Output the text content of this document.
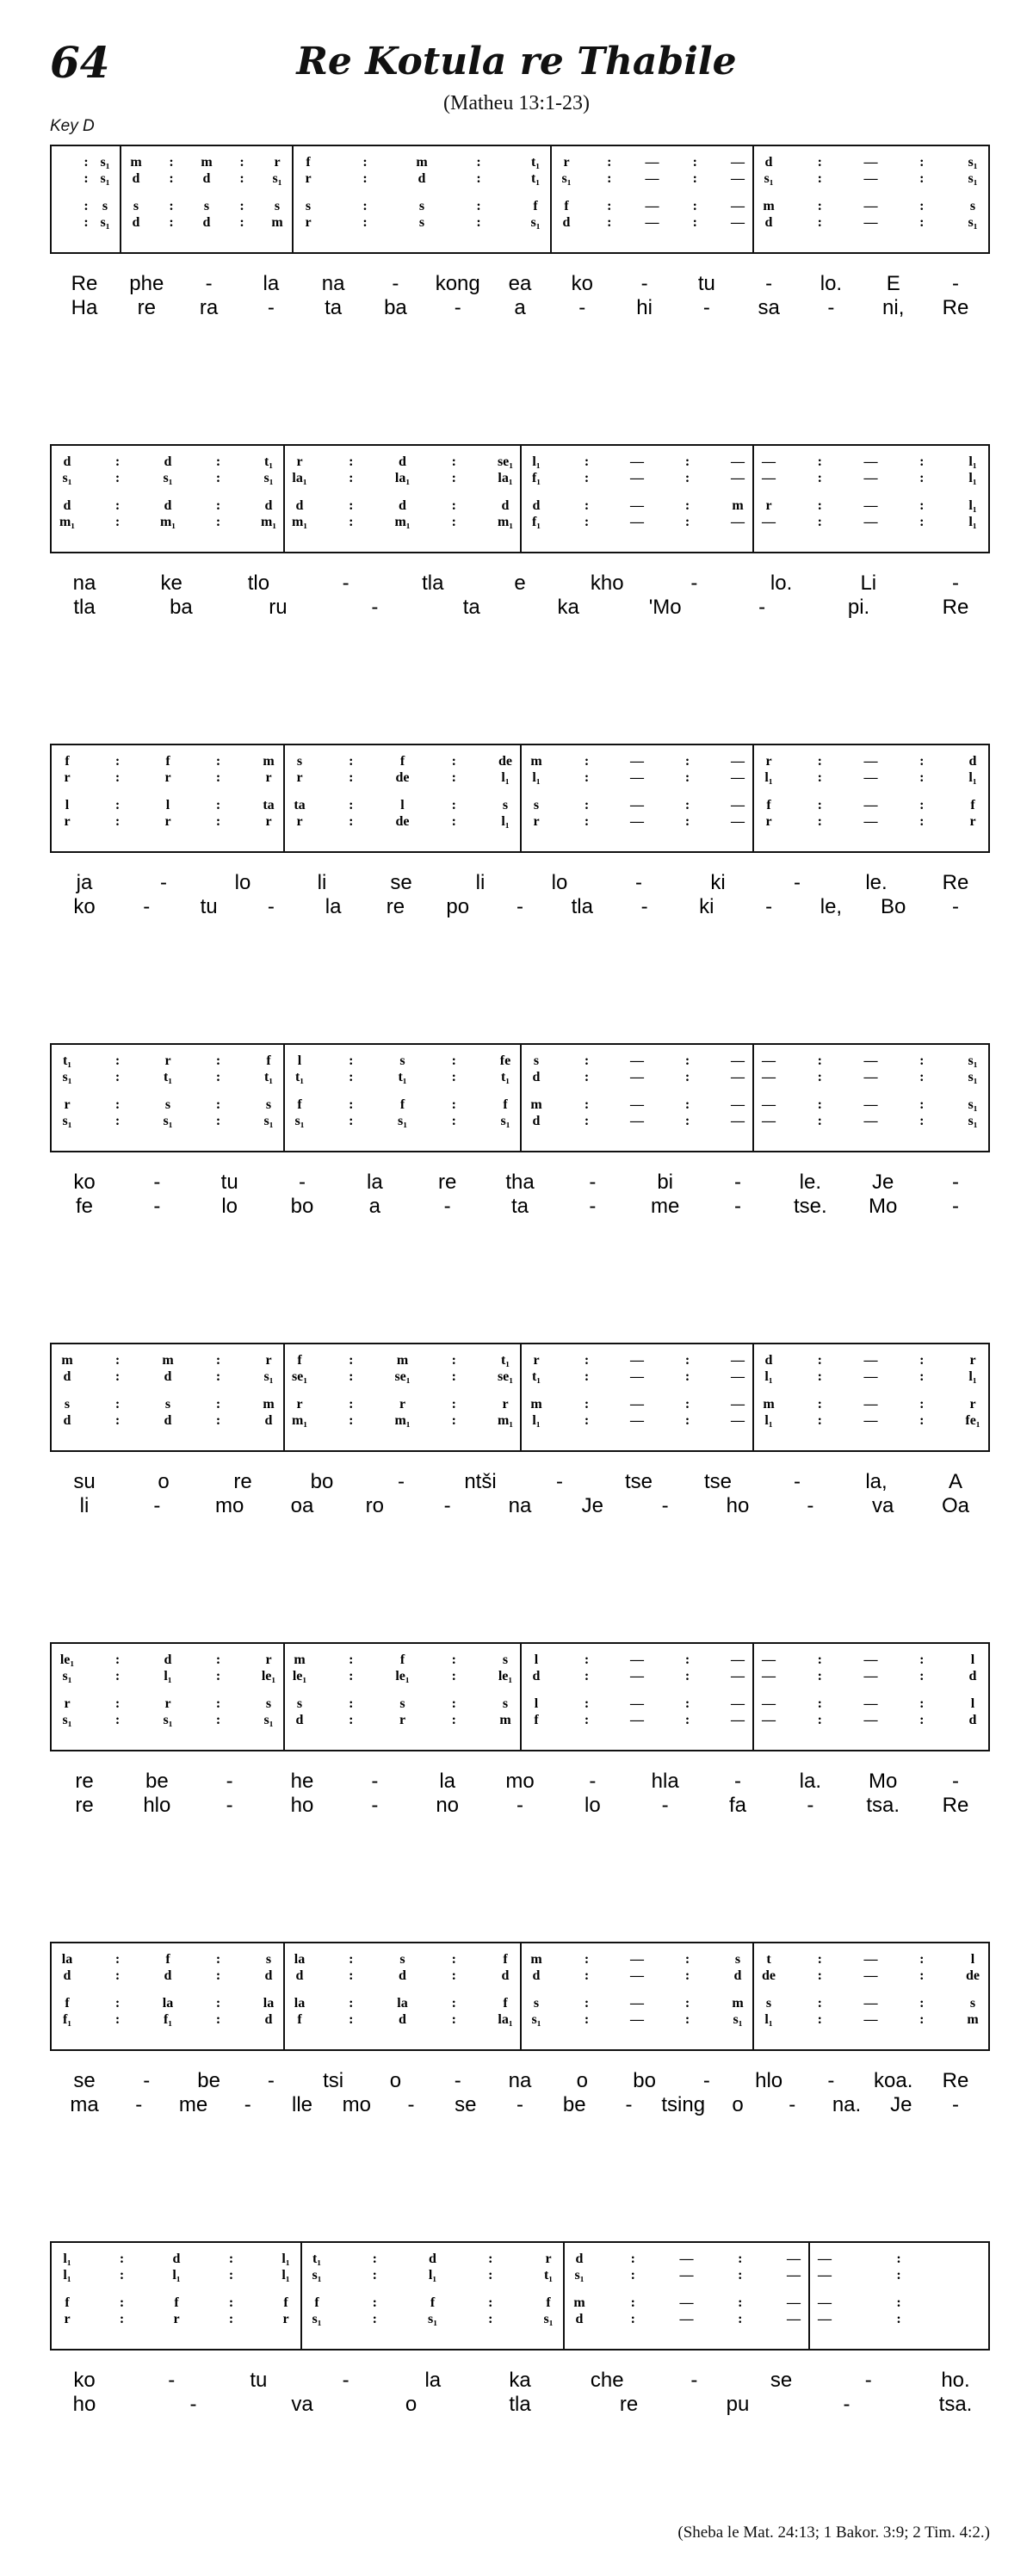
64	Re Kotula re Thabile
(Matheu 13:1-23)
Key D
: s₁ m : m : r f	:	m	:	t₁ r	: — : — d	:	—	:	s₁
: s₁ d : d : s₁ r	:	d	:	t₁ s₁	: — : — s₁	:	—	:	s₁
: s s : s : s s	:	s	:	f f	: — : — m	:	—	:	s
: s₁ d : d : m r	:	s	:	s₁ d	: — : — d	:	—	:	s₁
Re phe - la na - kong ea ko - tu - lo. E	-
Ha re ra - ta ba -	a	- hi - sa - ni, Re
d	:	d	:	t₁ r	:	d	:	se₁ l₁	:	—	:	— —	:	—	:	l₁
s₁	:	s₁	:	s₁ la₁	:	la₁	:	la₁ f₁	:	—	:	— —	:	—	:	l₁
d	:	d	:	d d	:	d	:	d d	:	—	:	m r	:	—	:	l₁
m₁	:	m₁	:	m₁ m₁	:	m₁	:	m₁ f₁	:	—	:	— —	:	—	:	l₁
na	ke	tlo	-	tla	e	kho	-	lo.	Li	-
tla	ba	ru	-	ta	ka	'Mo	-	pi.	Re
f	:	f	:	m s	:	f	:	de m	:	—	:	— r	:	—	:	d
r	:	r	:	r r	:	de	:	l₁ l₁	:	—	:	— l₁	:	—	:	l₁
l	:	l	:	ta ta	:	l	:	s s	:	—	:	— f	:	—	:	f
r	:	r	:	r r	:	de	:	l₁ r	:	—	:	— r	:	—	:	r
ja	-	lo	li	se	li	lo	-	ki	-	le.	Re
ko - tu - la re po - tla - ki - le, Bo -
t₁	:	r	:	f l	:	s	:	fe s	:	—	:	— —	:	—	:	s₁
s₁	:	t₁	:	t₁ t₁	:	t₁	:	t₁ d	:	—	:	— —	:	—	:	s₁
r	:	s	:	s f	:	f	:	f m	:	—	:	— —	:	—	:	s₁
s₁	:	s₁	:	s₁ s₁	:	s₁	:	s₁ d	:	—	:	— —	:	—	:	s₁
ko	-	tu	-	la	re tha	-	bi	-	le. Je	-
fe	-	lo	bo	a	-	ta	-	me	-	tse. Mo	-
m	:	m	:	r f	:	m	:	t₁ r	:	—	:	— d	:	—	:	r
d	:	d	:	s₁ se₁	:	se₁	:	se₁ t₁	:	—	:	— l₁	:	—	:	l₁
s	:	s	:	m r	:	r	:	r m	:	—	:	— m	:	—	:	r
d	:	d	:	d m₁	:	m₁	:	m₁ l₁	:	—	:	— l₁	:	—	:	fe₁
su	o	re	bo	-	ntši	-	tse tse	-	la,	A
li	-	mo oa	ro	-	na Je	-	ho	-	va Oa
le₁	:	d	:	r m	:	f	:	s l	:	—	:	— —	:	—	:	l
s₁	:	l₁	:	le₁ le₁	:	le₁	:	le₁ d	:	—	:	— —	:	—	:	d
r	:	r	:	s s	:	s	:	s l	:	—	:	— —	:	—	:	l
s₁	:	s₁	:	s₁ d	:	r	:	m f	:	—	:	— —	:	—	:	d
re	be	-	he	-	la mo	-	hla	-	la. Mo	-
re hlo	-	ho	-	no	-	lo	-	fa	-	tsa. Re
la	:	f	:	s la	:	s	:	f m	:	—	:	s t	:	—	:	l
d	:	d	:	d d	:	d	:	d d	:	—	:	d de	:	—	:	de
f	:	la	:	la la	:	la	:	f s	:	—	:	m s	:	—	:	s
f₁	:	f₁	:	d f	:	d	:	la₁ s₁	:	—	:	s₁ l₁	:	—	:	m
se - be - tsi o	- na o bo - hlo - koa. Re
ma - me - lle mo - se - be - tsing o - na. Je -
l₁	:	d	:	l₁ t₁	:	d	:	r d	:	—	:	— —	:
l₁	:	l₁	:	l₁ s₁	:	l₁	:	t₁ s₁	:	—	:	— —	:
f	:	f	:	f f	:	f	:	f m	:	—	:	— —	:
r	:	r	:	r s₁	:	s₁	:	s₁ d	:	—	:	— —	:
ko	-	tu	-	la	ka	che	-	se	-	ho.
ho	-	va	o	tla	re	pu	-	tsa.
(Sheba le Mat. 24:13; 1 Bakor. 3:9; 2 Tim. 4:2.)
